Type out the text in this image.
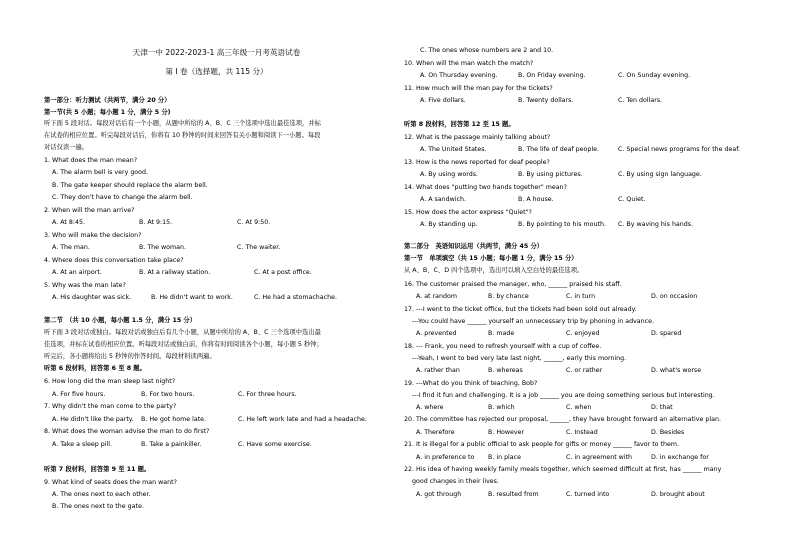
天津一中 2022-2023-1 高三年级一月考英语试卷
第 I 卷（选择题，共 115 分）
第一部分：听力测试（共两节，满分 20 分）
第一节(共 5 小题；每小题 1 分，满分 5 分)
听下面 5 段对话。每段对话后有一个小题，从题中所给的 A、B、C 三个选项中选出最佳选项，并标
在试卷的相应位置。听完每段对话后，你将有 10 秒钟的时间来回答有关小题和阅读下一小题。每段
对话仅读一遍。
1. What does the man mean?
A. The alarm bell is very good.
B. The gate keeper should replace the alarm bell.
C. They don't have to change the alarm bell.
2. When will the man arrive?
A. At 8:45.	B. At 9:15.	C. At 9:50.
3. Who will make the decision?
A. The man.	B. The woman.	C. The waiter.
4. Where does this conversation take place?
A. At an airport.	B. At a railway station.	C. At a post office.
5. Why was the man late?
A. His daughter was sick.	B. He didn't want to work.	C. He had a stomachache.
第二节　（共 10 小题，每小题 1.5 分，满分 15 分）
听下面 3 段对话或独白。每段对话或独白后有几个小题，从题中所给的 A、B、C 三个选项中选出最
佳选项，并标在试卷的相应位置。听每段对话或独白前，你将有时间阅读各个小题，每小题 5 秒钟；
听完后，各小题将给出 5 秒钟的作答时间。每段材料读两遍。
听第 6 段材料，回答第 6 至 8 题。
6. How long did the man sleep last night?
A. For five hours.	B. For two hours.	C. For three hours.
7. Why didn't the man come to the party?
A. He didn't like the party. B. He got home late.	C. He left work late and had a headache.
8. What does the woman advise the man to do first?
A. Take a sleep pill.	B. Take a painkiller.	C. Have some exercise.
听第 7 段材料，回答第 9 至 11 题。
9. What kind of seats does the man want?
A. The ones next to each other.
B. The ones next to the gate.
C. The ones whose numbers are 2 and 10.
10. When will the man watch the match?
A. On Thursday evening.	B. On Friday evening.	C. On Sunday evening.
11. How much will the man pay for the tickets?
A. Five dollars.	B. Twenty dollars.	C. Ten dollars.
听第 8 段材料，回答第 12 至 15 题。
12. What is the passage mainly talking about?
A. The United States.	B. The life of deaf people.	C. Special news programs for the deaf.
13. How is the news reported for deaf people?
A. By using words.	B. By using pictures.	C. By using sign language.
14. What does "putting two hands together" mean?
A. A sandwich.	B. A house.	C. Quiet.
15. How does the actor express "Quiet"?
A. By standing up.	B. By pointing to his mouth. C. By waving his hands.
第二部分　英语知识运用（共两节，满分 45 分）
第一节　单项填空（共 15 小题；每小题 1 分，满分 15 分）
从 A、B、C、D 四个选项中，选出可以填入空白处的最佳选项。
16. The customer praised the manager, who, ______ praised his staff.
A. at random	B. by chance	C. in turn	D. on occasion
17. ---I went to the ticket office, but the tickets had been sold out already.
---You could have ______ yourself an unnecessary trip by phoning in advance.
A. prevented	B. made	C. enjoyed	D. spared
18. --- Frank, you need to refresh yourself with a cup of coffee.
---Yeah, I went to bed very late last night, ______, early this morning.
A. rather than	B. whereas	C. or rather	D. what's worse
19. ---What do you think of teaching, Bob?
---I find it fun and challenging. It is a job ______ you are doing something serious but interesting.
A. where	B. which	C. when	D. that
20. The committee has rejected our proposal, ______, they have brought forward an alternative plan.
A. Therefore	B. However	C. Instead	D. Besides
21. It is illegal for a public official to ask people for gifts or money ______ favor to them.
A. in preference to B. in place	C. in agreement with	D. in exchange for
22. His idea of having weekly family meals together, which seemed difficult at first, has ______ many
good changes in their lives.
A. got through	B. resulted from	C. turned into	D. brought about
